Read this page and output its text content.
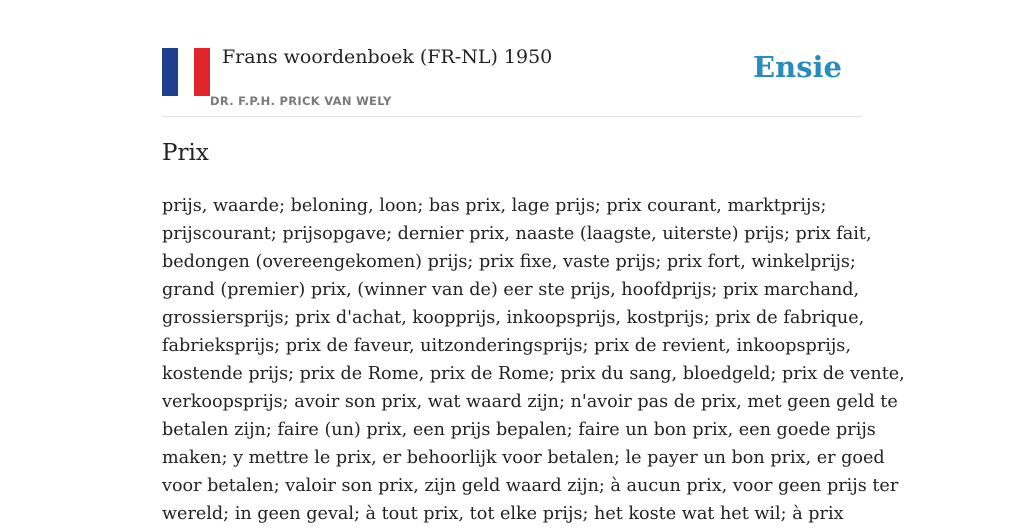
Frans woordenboek (FR-NL) 1950
DR. F.P.H. PRICK VAN WELY
Ensie
Prix
prijs, waarde; beloning, loon; bas prix, lage prijs; prix courant, marktprijs;
prijscourant; prijsopgave; dernier prix, naaste (laagste, uiterste) prijs; prix fait,
bedongen (overeengekomen) prijs; prix fixe, vaste prijs; prix fort, winkelprijs;
grand (premier) prix, (winner van de) eer ste prijs, hoofdprijs; prix marchand,
grossiersprijs; prix d'achat, koopprijs, inkoopsprijs, kostprijs; prix de fabrique,
fabrieksprijs; prix de faveur, uitzonderingsprijs; prix de revient, inkoopsprijs,
kostende prijs; prix de Rome, prix de Rome; prix du sang, bloedgeld; prix de vente,
verkoopsprijs; avoir son prix, wat waard zijn; n'avoir pas de prix, met geen geld te
betalen zijn; faire (un) prix, een prijs bepalen; faire un bon prix, een goede prijs
maken; y mettre le prix, er behoorlijk voor betalen; le payer un bon prix, er goed
voor betalen; valoir son prix, zijn geld waard zijn; à aucun prix, voor geen prijs ter
wereld; in geen geval; à tout prix, tot elke prijs; het koste wat het wil; à prix
